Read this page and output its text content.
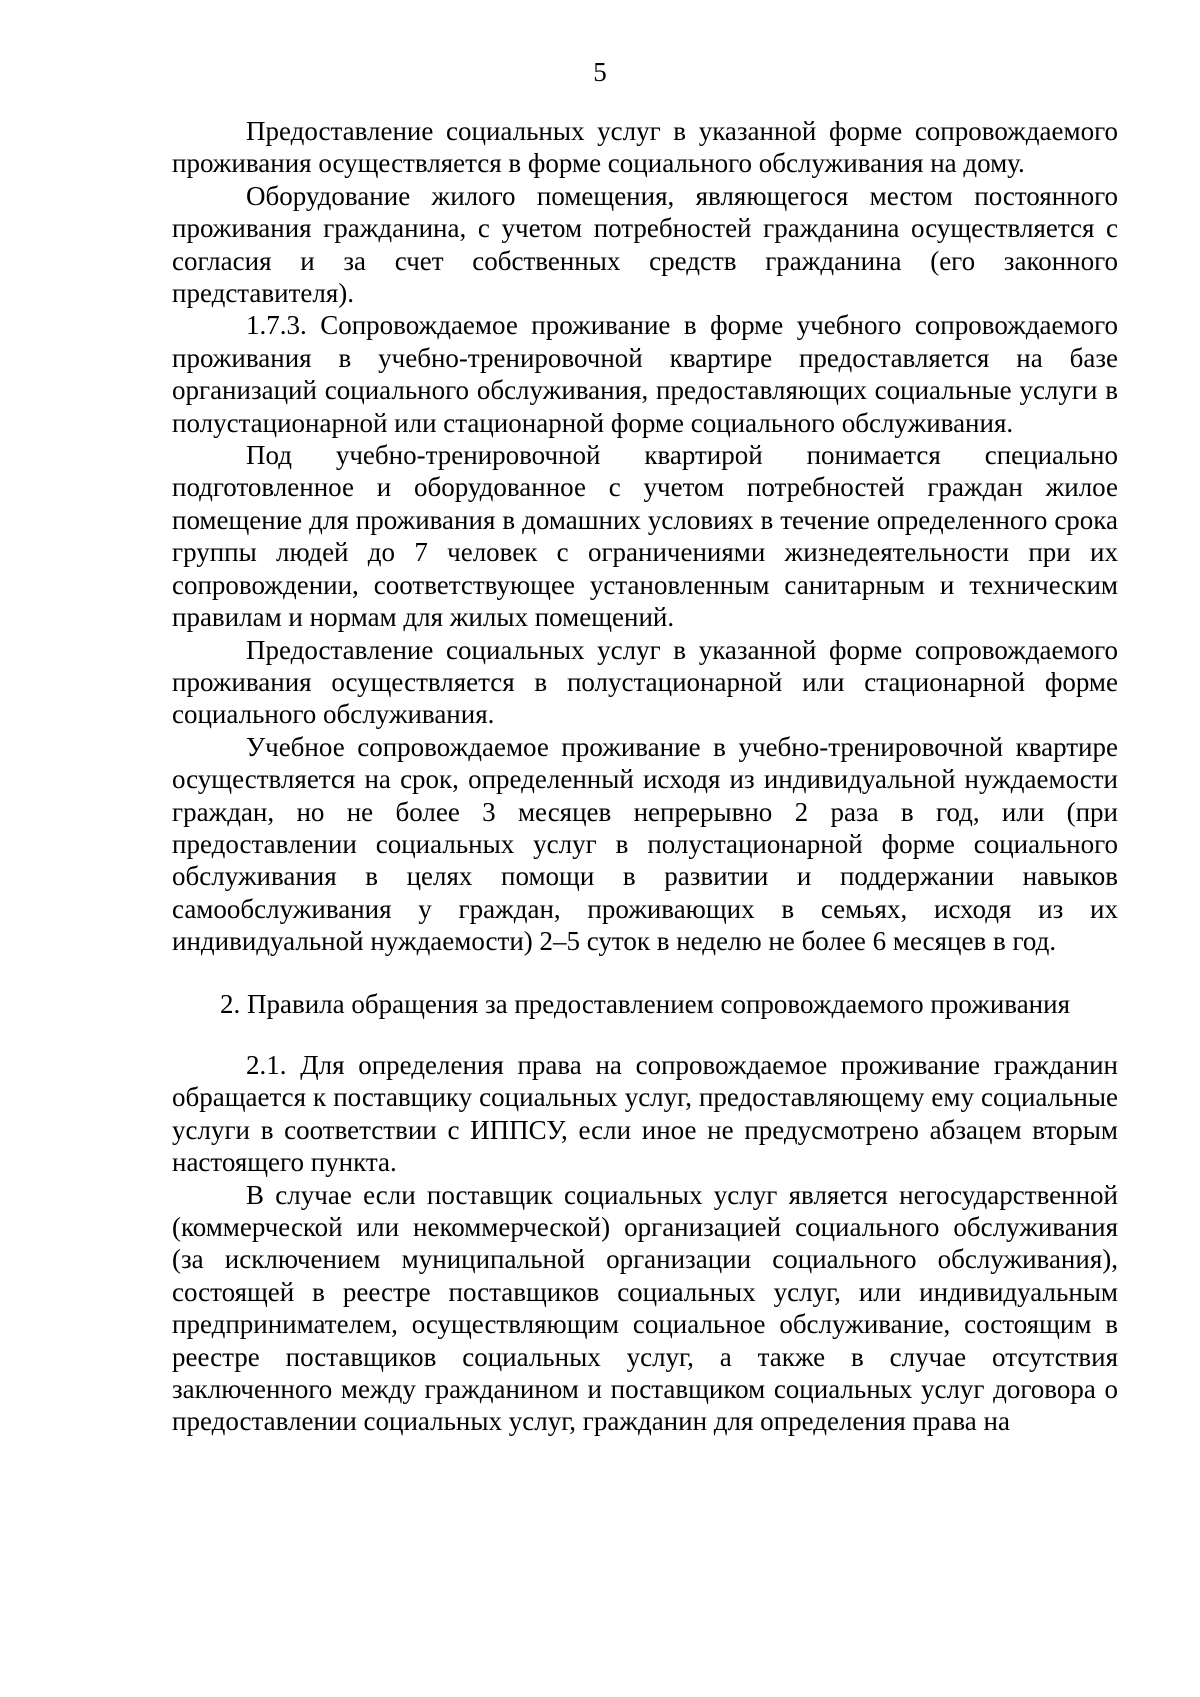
5

Предоставление социальных услуг в указанной форме сопровождаемого проживания осуществляется в форме социального обслуживания на дому.

Оборудование жилого помещения, являющегося местом постоянного проживания гражданина, с учетом потребностей гражданина осуществляется с согласия и за счет собственных средств гражданина (его законного представителя).

1.7.3. Сопровождаемое проживание в форме учебного сопровождаемого проживания в учебно-тренировочной квартире предоставляется на базе организаций социального обслуживания, предоставляющих социальные услуги в полустационарной или стационарной форме социального обслуживания.

Под учебно-тренировочной квартирой понимается специально подготовленное и оборудованное с учетом потребностей граждан жилое помещение для проживания в домашних условиях в течение определенного срока группы людей до 7 человек с ограничениями жизнедеятельности при их сопровождении, соответствующее установленным санитарным и техническим правилам и нормам для жилых помещений.

Предоставление социальных услуг в указанной форме сопровождаемого проживания осуществляется в полустационарной или стационарной форме социального обслуживания.

Учебное сопровождаемое проживание в учебно-тренировочной квартире осуществляется на срок, определенный исходя из индивидуальной нуждаемости граждан, но не более 3 месяцев непрерывно 2 раза в год, или (при предоставлении социальных услуг в полустационарной форме социального обслуживания в целях помощи в развитии и поддержании навыков самообслуживания у граждан, проживающих в семьях, исходя из их индивидуальной нуждаемости) 2–5 суток в неделю не более 6 месяцев в год.

2. Правила обращения за предоставлением сопровождаемого проживания

2.1. Для определения права на сопровождаемое проживание гражданин обращается к поставщику социальных услуг, предоставляющему ему социальные услуги в соответствии с ИППСУ, если иное не предусмотрено абзацем вторым настоящего пункта.

В случае если поставщик социальных услуг является негосударственной (коммерческой или некоммерческой) организацией социального обслуживания (за исключением муниципальной организации социального обслуживания), состоящей в реестре поставщиков социальных услуг, или индивидуальным предпринимателем, осуществляющим социальное обслуживание, состоящим в реестре поставщиков социальных услуг, а также в случае отсутствия заключенного между гражданином и поставщиком социальных услуг договора о предоставлении социальных услуг, гражданин для определения права на
